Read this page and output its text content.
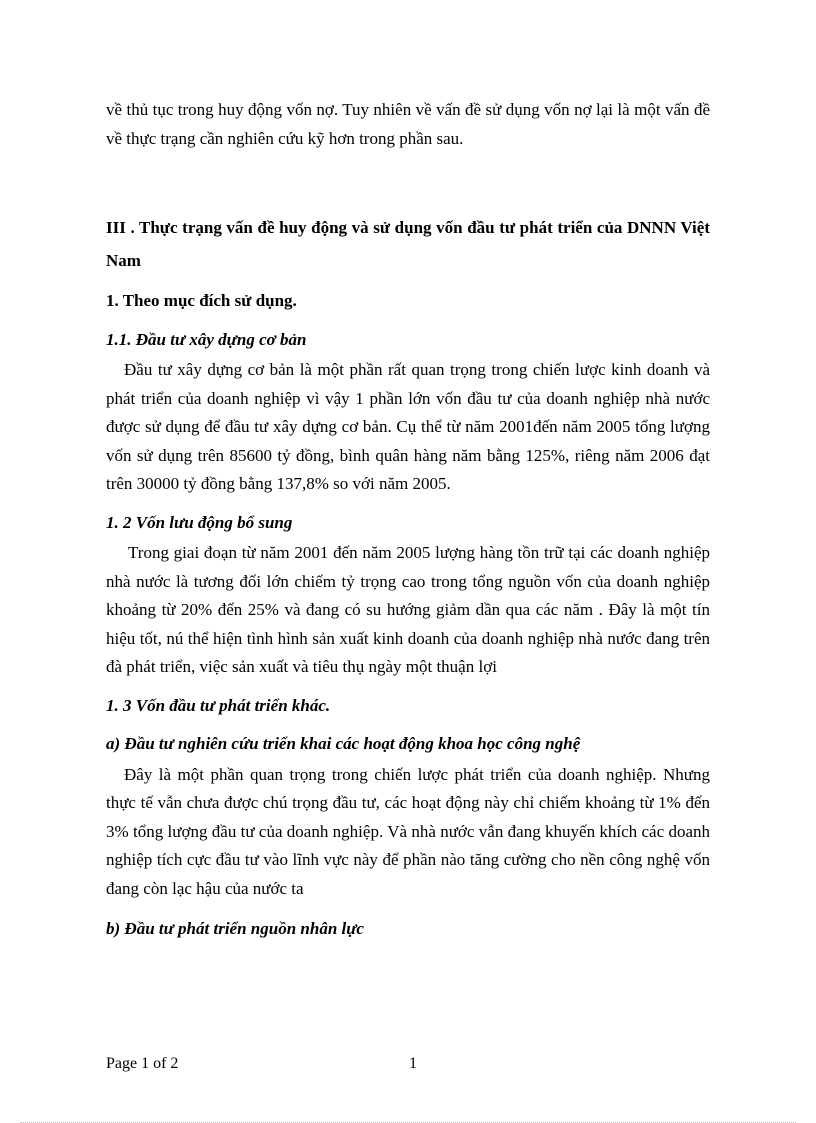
về thủ tục trong huy động vốn nợ. Tuy nhiên về vấn đề sử dụng vốn nợ lại là một vấn đề về thực trạng cần nghiên cứu kỹ hơn trong phần sau.

III . Thực trạng vấn đề huy động và sử dụng vốn đầu tư phát triển của DNNN Việt Nam

1. Theo mục đích sử dụng.

1.1. Đầu tư xây dựng cơ bản

Đầu tư xây dựng cơ bản là một phần rất quan trọng trong chiến lược kinh doanh và phát triển của doanh nghiệp vì vậy 1 phần lớn vốn đầu tư của doanh nghiệp nhà nước được sử dụng để đầu tư xây dựng cơ bản. Cụ thể từ năm 2001đến năm 2005 tổng lượng vốn sử dụng trên 85600 tỷ đồng, bình quân hàng năm bằng 125%, riêng năm 2006 đạt trên 30000 tỷ đồng bằng 137,8% so với năm 2005.

1. 2 Vốn lưu động bổ sung

Trong giai đoạn từ năm 2001 đến năm 2005 lượng hàng tồn trữ tại các doanh nghiệp nhà nước là tương đối lớn chiếm tỷ trọng cao trong tổng nguồn vốn của doanh nghiệp khoảng từ 20% đến 25% và đang có su hướng giảm dần qua các năm . Đây là một tín hiệu tốt, nú thể hiện tình hình sản xuất kinh doanh của doanh nghiệp nhà nước đang trên đà phát triển, việc sản xuất và tiêu thụ ngày một thuận lợi

1. 3 Vốn đầu tư phát triển khác.

a) Đầu tư nghiên cứu triển khai các hoạt động khoa học công nghệ

Đây là một phần quan trọng trong chiến lược phát triển của doanh nghiệp. Nhưng thực tế vẫn chưa được chú trọng đầu tư, các hoạt động này chỉ chiếm khoảng từ 1% đến 3% tổng lượng đầu tư của doanh nghiệp. Và nhà nước vẫn đang khuyến khích các doanh nghiệp tích cực đầu tư vào lĩnh vực này để phần nào tăng cường cho nền công nghệ vốn đang còn lạc hậu của nước ta

b) Đầu tư phát triển nguồn nhân lực

Page 1 of 2	1
